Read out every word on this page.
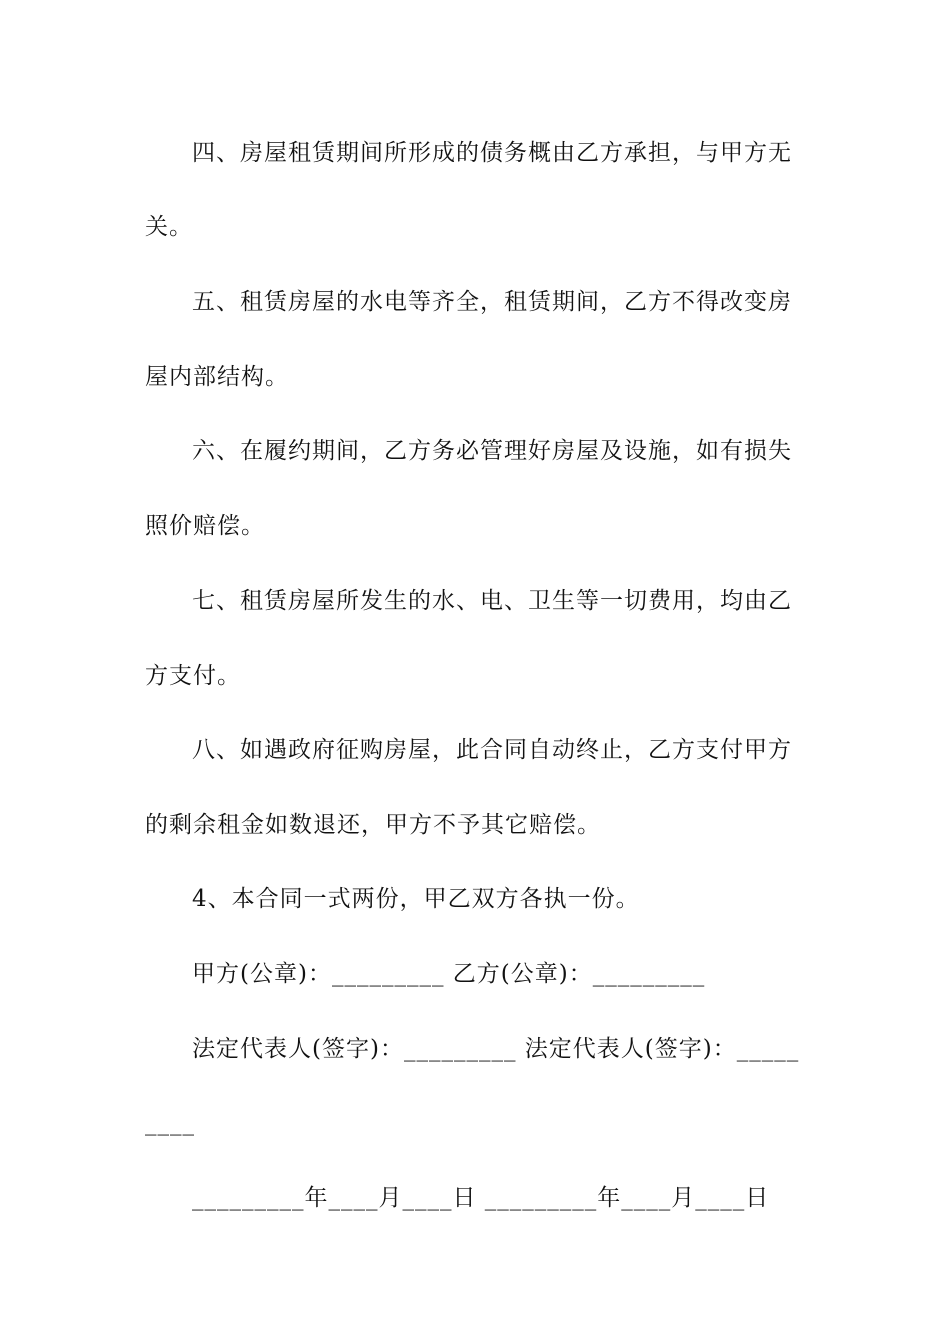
四、房屋租赁期间所形成的债务概由乙方承担，与甲方无
关。
五、租赁房屋的水电等齐全，租赁期间，乙方不得改变房
屋内部结构。
六、在履约期间，乙方务必管理好房屋及设施，如有损失
照价赔偿。
七、租赁房屋所发生的水、电、卫生等一切费用，均由乙
方支付。
八、如遇政府征购房屋，此合同自动终止，乙方支付甲方
的剩余租金如数退还，甲方不予其它赔偿。
4、本合同一式两份，甲乙双方各执一份。
甲方(公章)：_________ 乙方(公章)：_________
法定代表人(签字)：_________ 法定代表人(签字)：_____
____
_________年____月____日 _________年____月____日
